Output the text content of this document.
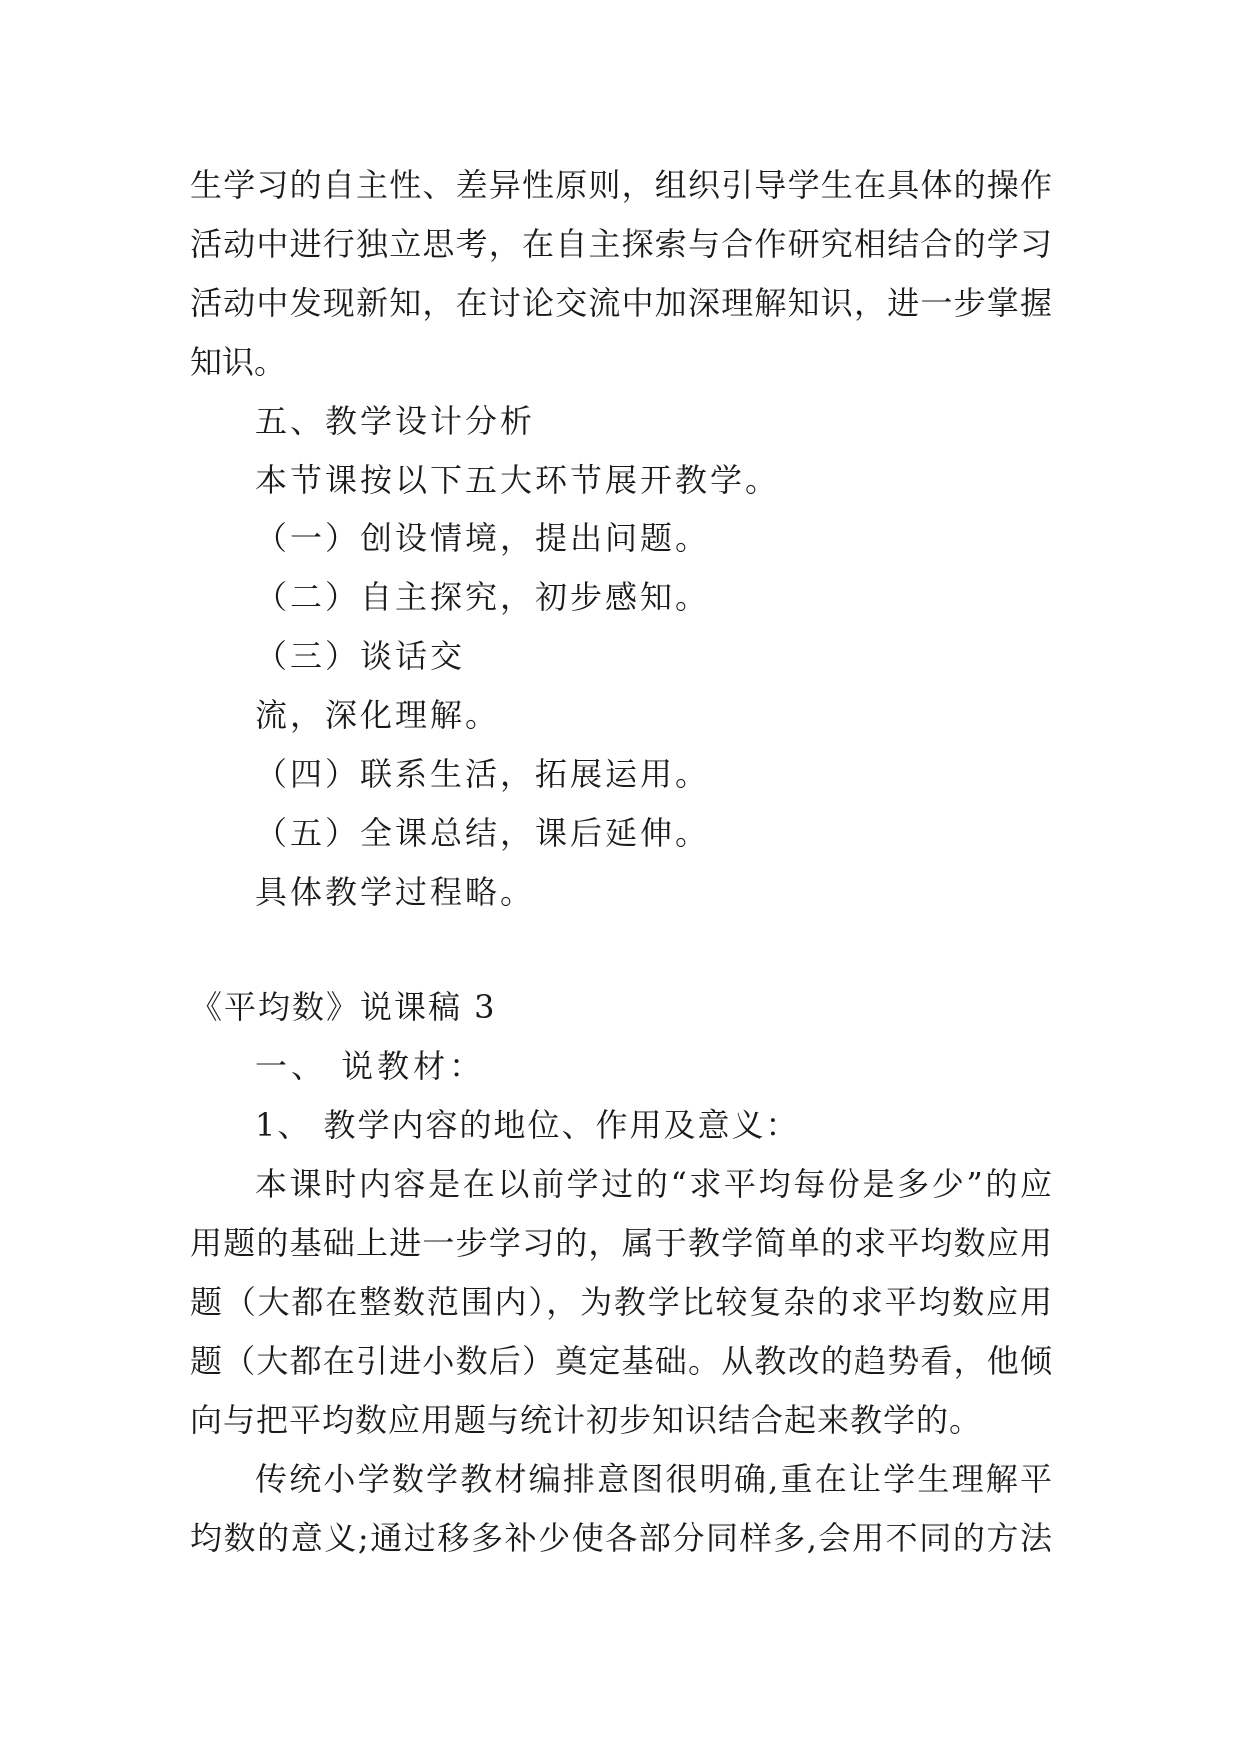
生学习的自主性、差异性原则，组织引导学生在具体的操作
活动中进行独立思考，在自主探索与合作研究相结合的学习
活动中发现新知，在讨论交流中加深理解知识，进一步掌握
知识。
五、教学设计分析
本节课按以下五大环节展开教学。
（一）创设情境，提出问题。
（二）自主探究，初步感知。
（三）谈话交
流，深化理解。
（四）联系生活，拓展运用。
（五）全课总结，课后延伸。
具体教学过程略。
《平均数》说课稿 3
一、 说教材：
1、 教学内容的地位、作用及意义：
本课时内容是在以前学过的“求平均每份是多少”的应
用题的基础上进一步学习的，属于教学简单的求平均数应用
题（大都在整数范围内），为教学比较复杂的求平均数应用
题（大都在引进小数后）奠定基础。从教改的趋势看，他倾
向与把平均数应用题与统计初步知识结合起来教学的。
传统小学数学教材编排意图很明确,重在让学生理解平
均数的意义;通过移多补少使各部分同样多,会用不同的方法
